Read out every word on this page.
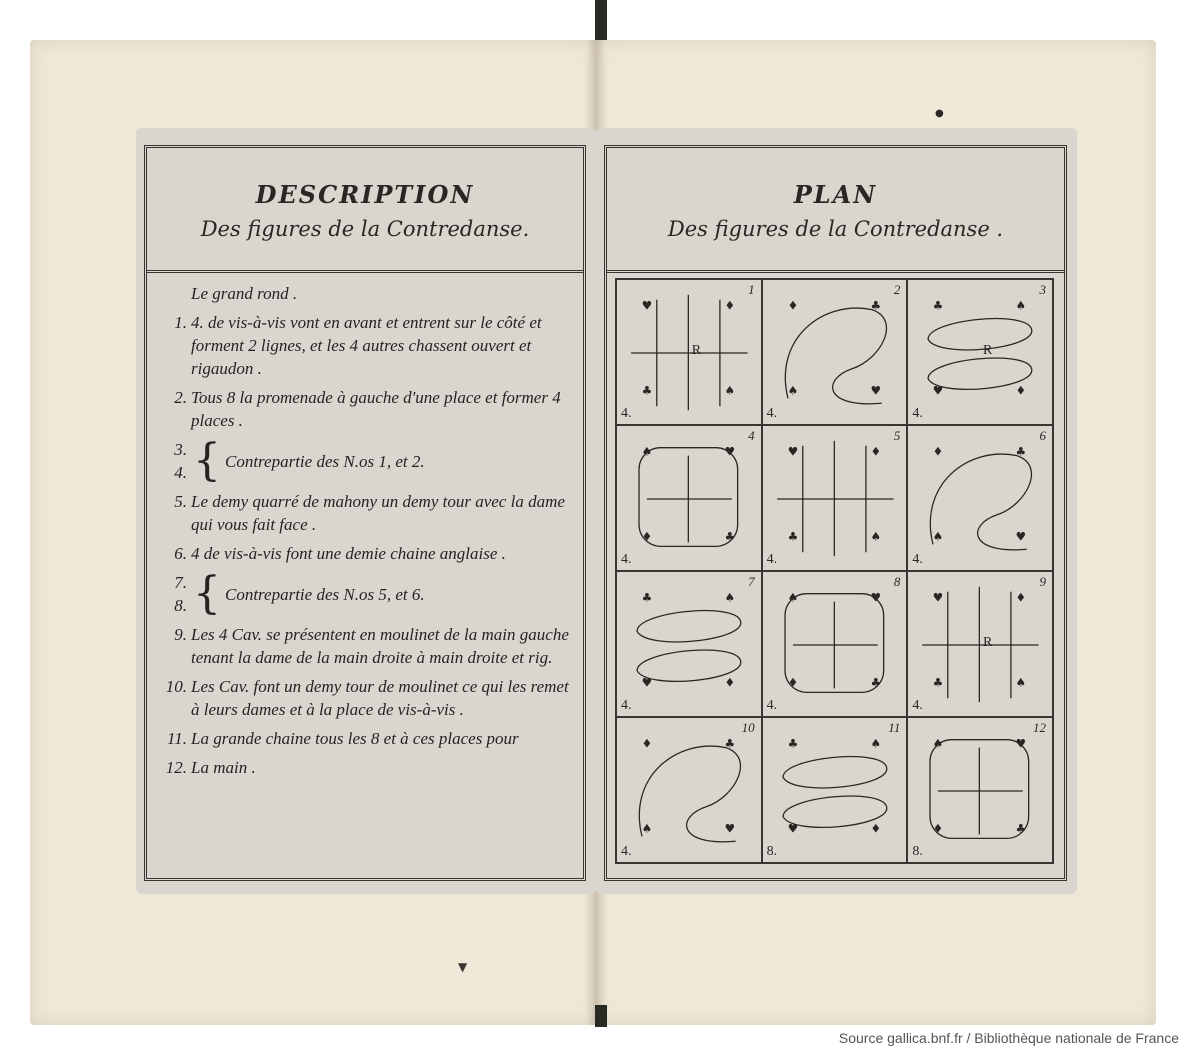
DESCRIPTION
Des figures de la Contredanse.
Le grand rond .
1. 4. de vis-à-vis vont en avant et entrent sur le côté et forment 2 lignes, et les 4 autres chassent ouvert et rigaudon .
2. Tous 8 la promenade à gauche d'une place et former 4 places .
3.
4. { Contrepartie des N.os 1, et 2.
5. Le demy quarré de mahony un demy tour avec la dame qui vous fait face .
6. 4 de vis-à-vis font une demie chaine anglaise .
7.
8. { Contrepartie des N.os 5, et 6.
9. Les 4 Cav. se présentent en moulinet de la main gauche tenant la dame de la main droite à main droite et rig.
10. Les Cav. font un demy tour de moulinet ce qui les remet à leurs dames et à la place de vis-à-vis .
11. La grande chaine tous les 8 et à ces places pour
12. La main .
PLAN
Des figures de la Contredanse .
♥	♦
♣	♠
1
4.
R
♦	♣
♠	♥
2
4.
♣	♠
♥	♦
3
4.
R
♠	♥
♦	♣
4
4.
♥	♦
♣	♠
5
4.
♦	♣
♠	♥
6
4.
♣	♠
♥	♦
7
4.
♠	♥
♦	♣
8
4.
♥	♦
♣	♠
9
4.
R
♦	♣
♠	♥
10
4.
♣	♠
♥	♦
11
8.
♠	♥
♦	♣
12
8.
●
▼
Source gallica.bnf.fr / Bibliothèque nationale de France
